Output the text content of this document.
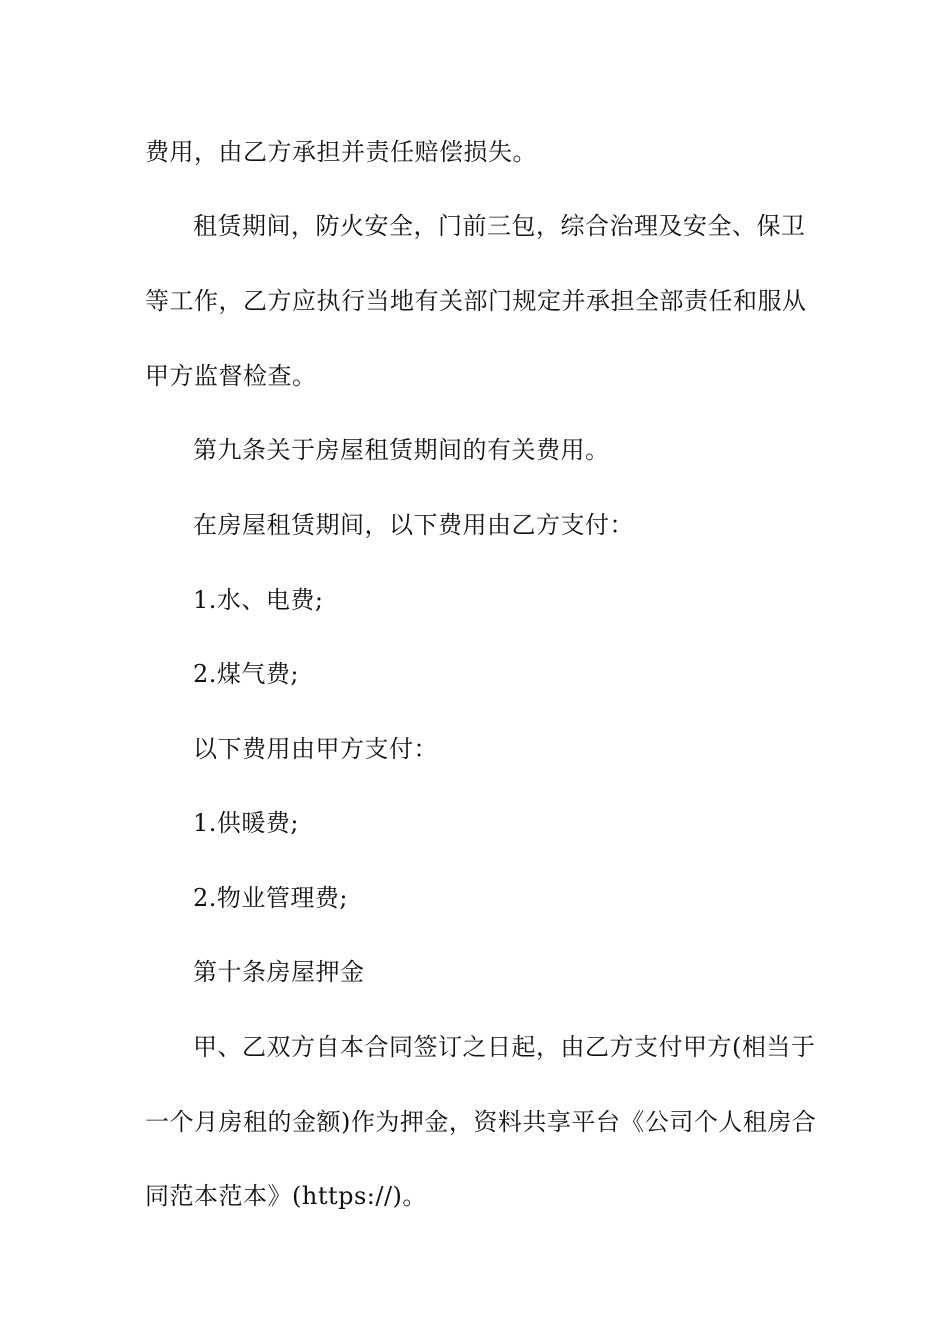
费用，由乙方承担并责任赔偿损失。
租赁期间，防火安全，门前三包，综合治理及安全、保卫
等工作，乙方应执行当地有关部门规定并承担全部责任和服从
甲方监督检查。
第九条关于房屋租赁期间的有关费用。
在房屋租赁期间，以下费用由乙方支付：
1.水、电费;
2.煤气费;
以下费用由甲方支付：
1.供暖费;
2.物业管理费;
第十条房屋押金
甲、乙双方自本合同签订之日起，由乙方支付甲方(相当于
一个月房租的金额)作为押金，资料共享平台《公司个人租房合
同范本范本》(https://)。
